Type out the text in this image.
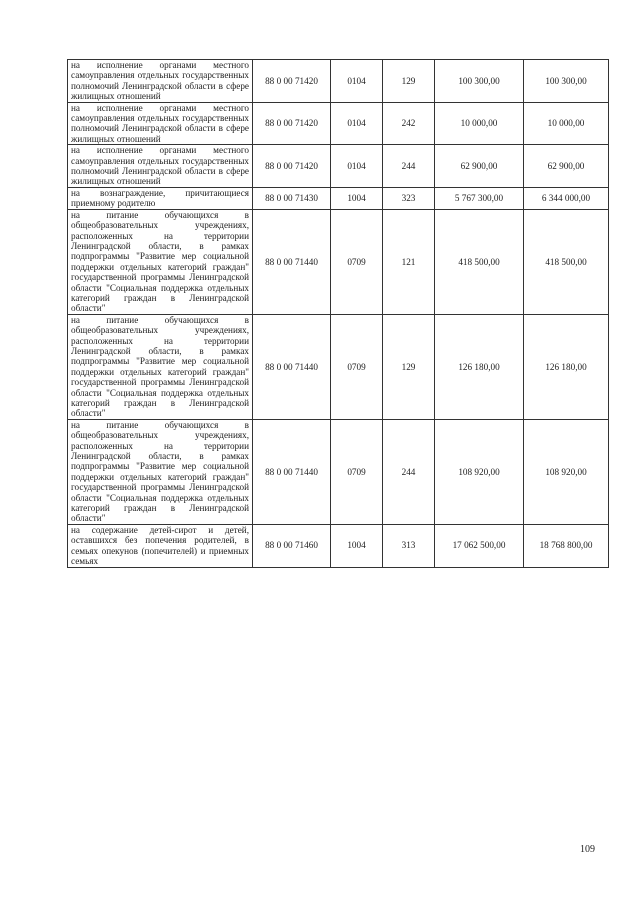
на исполнение органами местного самоуправления отдельных государственных полномочий Ленинградской области в сфере жилищных отношений	88 0 00 71420	0104	129	100 300,00	100 300,00
на исполнение органами местного самоуправления отдельных государственных полномочий Ленинградской области в сфере жилищных отношений	88 0 00 71420	0104	242	10 000,00	10 000,00
на исполнение органами местного самоуправления отдельных государственных полномочий Ленинградской области в сфере жилищных отношений	88 0 00 71420	0104	244	62 900,00	62 900,00
на вознаграждение, причитающиеся приемному родителю	88 0 00 71430	1004	323	5 767 300,00	6 344 000,00
на питание обучающихся в общеобразовательных учреждениях, расположенных на территории Ленинградской области, в рамках подпрограммы "Развитие мер социальной поддержки отдельных категорий граждан" государственной программы Ленинградской области "Социальная поддержка отдельных категорий граждан в Ленинградской области"	88 0 00 71440	0709	121	418 500,00	418 500,00
на питание обучающихся в общеобразовательных учреждениях, расположенных на территории Ленинградской области, в рамках подпрограммы "Развитие мер социальной поддержки отдельных категорий граждан" государственной программы Ленинградской области "Социальная поддержка отдельных категорий граждан в Ленинградской области"	88 0 00 71440	0709	129	126 180,00	126 180,00
на питание обучающихся в общеобразовательных учреждениях, расположенных на территории Ленинградской области, в рамках подпрограммы "Развитие мер социальной поддержки отдельных категорий граждан" государственной программы Ленинградской области "Социальная поддержка отдельных категорий граждан в Ленинградской области"	88 0 00 71440	0709	244	108 920,00	108 920,00
на содержание детей-сирот и детей, оставшихся без попечения родителей, в семьях опекунов (попечителей) и приемных семьях	88 0 00 71460	1004	313	17 062 500,00	18 768 800,00
109
